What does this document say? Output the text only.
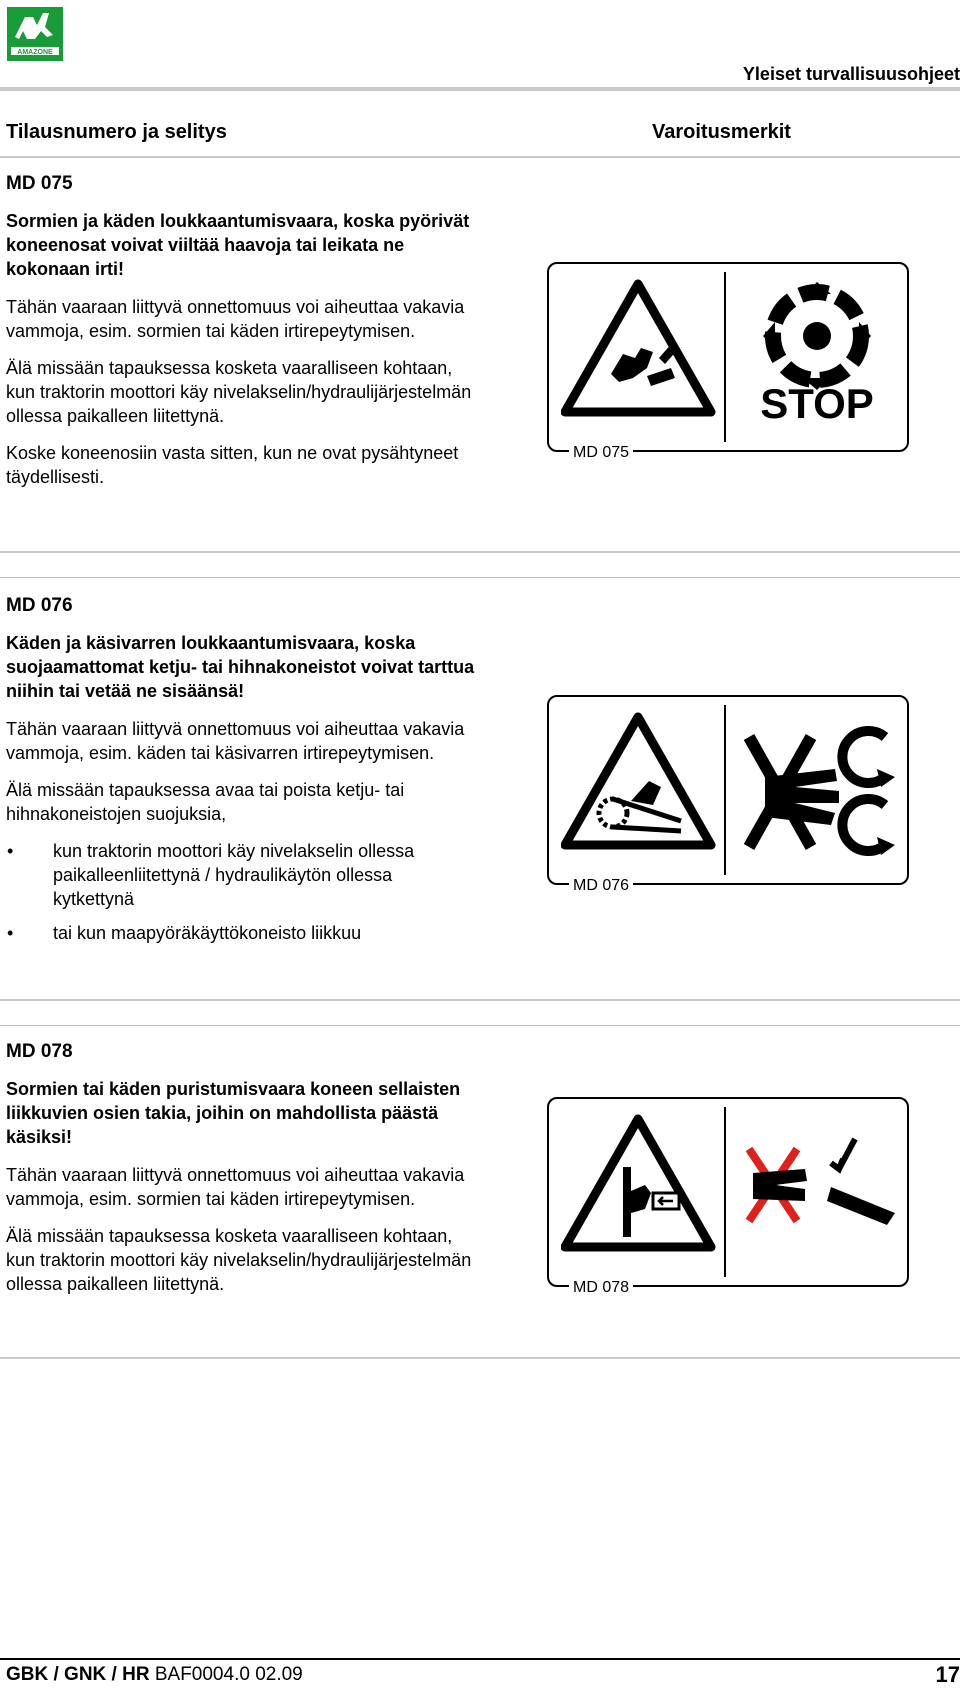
AMAZONE
Yleiset turvallisuusohjeet
Tilausnumero ja selitys	Varoitusmerkit
MD 075
Sormien ja käden loukkaantumisvaara, koska pyörivät koneenosat voivat viiltää haavoja tai leikata ne kokonaan irti!

Tähän vaaraan liittyvä onnettomuus voi aiheuttaa vakavia vammoja, esim. sormien tai käden irtirepeytymisen.

Älä missään tapauksessa kosketa vaaralliseen kohtaan, kun traktorin moottori käy nivelakselin/hydraulijärjestelmän ollessa paikalleen liitettynä.

Koske koneenosiin vasta sitten, kun ne ovat pysähtyneet täydellisesti.

STOP
MD 075
MD 076
Käden ja käsivarren loukkaantumisvaara, koska suojaamattomat ketju- tai hihnakoneistot voivat tarttua niihin tai vetää ne sisäänsä!

Tähän vaaraan liittyvä onnettomuus voi aiheuttaa vakavia vammoja, esim. käden tai käsivarren irtirepeytymisen.

Älä missään tapauksessa avaa tai poista ketju- tai hihnakoneistojen suojuksia,

• kun traktorin moottori käy nivelakselin ollessa paikalleenliitettynä / hydraulikäytön ollessa kytkettynä
• tai kun maapyöräkäyttökoneisto liikkuu
MD 076
MD 078
Sormien tai käden puristumisvaara koneen sellaisten liikkuvien osien takia, joihin on mahdollista päästä käsiksi!

Tähän vaaraan liittyvä onnettomuus voi aiheuttaa vakavia vammoja, esim. sormien tai käden irtirepeytymisen.

Älä missään tapauksessa kosketa vaaralliseen kohtaan, kun traktorin moottori käy nivelakselin/hydraulijärjestelmän ollessa paikalleen liitettynä.	MD 078
GBK / GNK / HR BAF0004.0 02.09	17
